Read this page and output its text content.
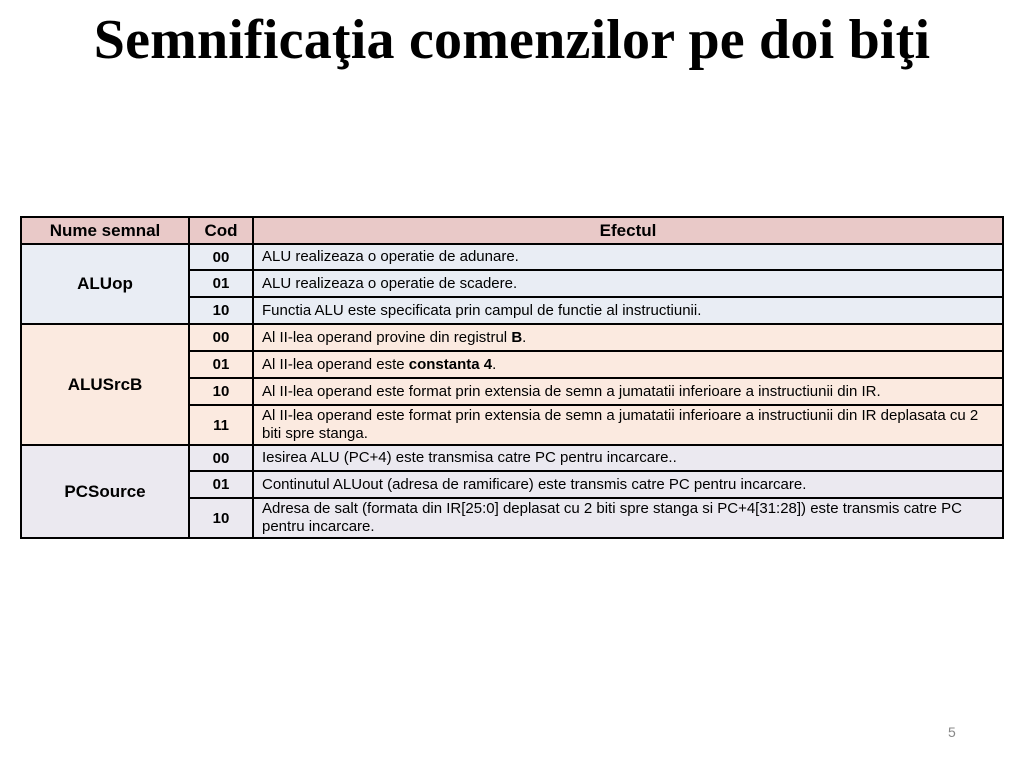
Semnificaţia comenzilor pe doi biţi
Nume semnal	Cod	Efectul
ALUop	00	ALU realizeaza o operatie de adunare.
	01	ALU realizeaza o operatie de scadere.
	10	Functia ALU este specificata prin campul de functie al instructiunii.
ALUSrcB	00	Al II-lea operand provine din registrul B.
	01	Al II-lea operand este constanta 4.
	10	Al II-lea operand este format prin extensia de semn a jumatatii inferioare a instructiunii din IR.
	11	Al II-lea operand este format prin extensia de semn a jumatatii inferioare a instructiunii din IR deplasata cu 2 biti spre stanga.
PCSource	00	Iesirea ALU (PC+4) este transmisa catre PC pentru incarcare..
	01	Continutul ALUout (adresa de ramificare) este transmis catre PC pentru incarcare.
	10	Adresa de salt (formata din IR[25:0] deplasat cu 2 biti spre stanga si PC+4[31:28]) este transmis catre PC pentru incarcare.
5
